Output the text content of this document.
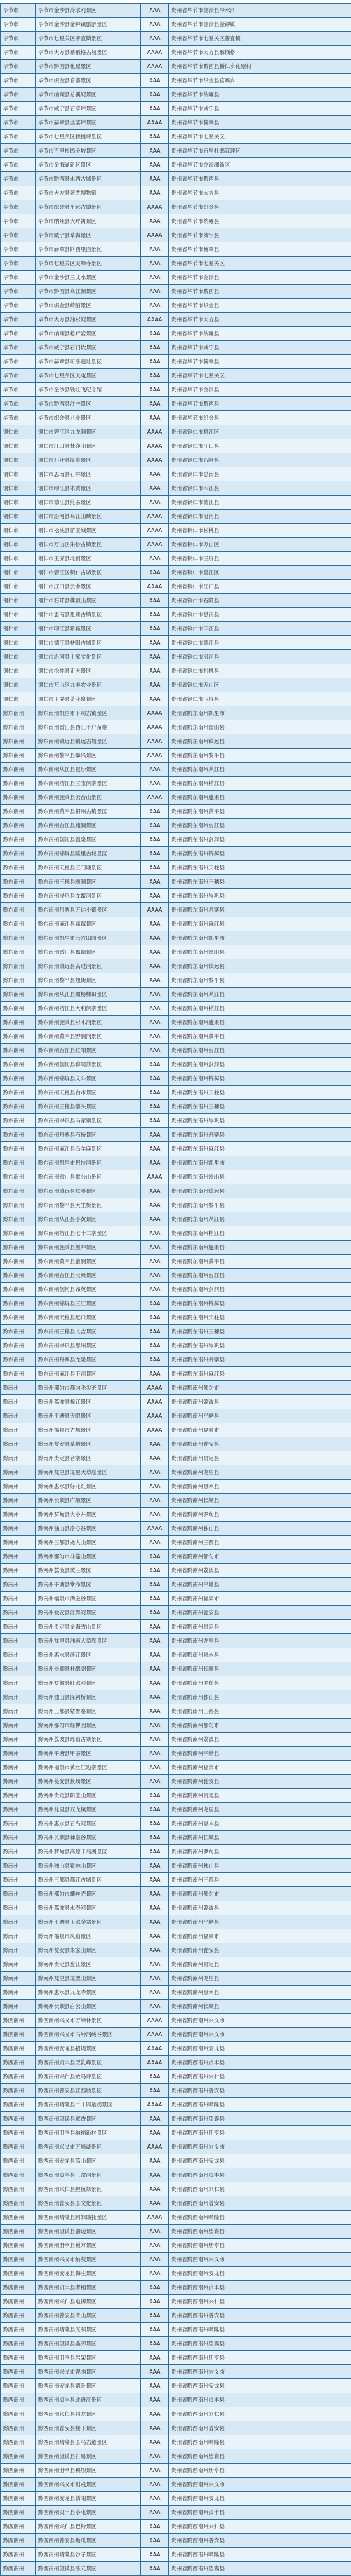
毕节市	毕节市金沙县冷水河景区	AAA	贵州省毕节市金沙县冷水河
毕节市	毕节市金沙县金钟镇旅游景区	AAA	贵州省毕节市金沙县金钟镇
毕节市	毕节市七星关区普宜镇景区	AAA	贵州省毕节市七星关区普宜镇
毕节市	毕节市大方县慕俄格古城景区	AAAA	贵州省毕节市大方县慕俄格
毕节市	毕节市黔西县化屋景区	AAAA	贵州省毕节市黔西县新仁乡化屋村
毕节市	毕节市织金县官寨景区	AAA	贵州省毕节市织金县官寨乡
毕节市	毕节市纳雍县总溪河景区	AAA	贵州省毕节市纳雍县
毕节市	毕节市威宁县百草坪景区	AAA	贵州省毕节市威宁县
毕节市	毕节市赫章县韭菜坪景区	AAAA	贵州省毕节市赫章县
毕节市	毕节市七星关区拱拢坪景区	AAA	贵州省毕节市七星关区
毕节市	毕节市百里杜鹃金坡景区	AAA	贵州省毕节市百里杜鹃管理区
毕节市	毕节市金海湖新区景区	AAA	贵州省毕节市金海湖新区
毕节市	毕节市黔西县水西古城景区	AAA	贵州省毕节市黔西县
毕节市	毕节市大方县奢香博物馆	AAA	贵州省毕节市大方县
毕节市	毕节市织金县平远古镇景区	AAAA	贵州省毕节市织金县
毕节市	毕节市纳雍县大坪箐景区	AAA	贵州省毕节市纳雍县
毕节市	毕节市威宁县草海景区	AAAA	贵州省毕节市威宁县
毕节市	毕节市赫章县阿西里西景区	AAA	贵州省毕节市赫章县
毕节市	毕节市七星关区灵峰寺景区	AAA	贵州省毕节市七星关区
毕节市	毕节市金沙县三丈水景区	AAA	贵州省毕节市金沙县
毕节市	毕节市黔西县乌江源景区	AAA	贵州省毕节市黔西县
毕节市	毕节市织金县绮陌景区	AAA	贵州省毕节市织金县
毕节市	毕节市大方县油杉河景区	AAAA	贵州省毕节市大方县
毕节市	毕节市纳雍县枪杆岩景区	AAA	贵州省毕节市纳雍县
毕节市	毕节市威宁县石门坎景区	AAA	贵州省毕节市威宁县
毕节市	毕节市赫章县可乐遗址景区	AAA	贵州省毕节市赫章县
毕节市	毕节市七星关区大屯景区	AAA	贵州省毕节市七星关区
毕节市	毕节市金沙县钱壮飞纪念馆	AAA	贵州省毕节市金沙县
毕节市	毕节市黔西县沙井景区	AAA	贵州省毕节市黔西县
毕节市	毕节市织金县八步景区	AAA	贵州省毕节市织金县
铜仁市	铜仁市碧江区九龙洞景区	AAAA	贵州省铜仁市碧江区
铜仁市	铜仁市江口县梵净山景区	AAAA	贵州省铜仁市江口县
铜仁市	铜仁市石阡县温泉景区	AAAA	贵州省铜仁市石阡县
铜仁市	铜仁市思南县石林景区	AAA	贵州省铜仁市思南县
铜仁市	铜仁市印江县木黄景区	AAA	贵州省铜仁市印江县
铜仁市	铜仁市德江县煎茶景区	AAA	贵州省铜仁市德江县
铜仁市	铜仁市沿河县乌江山峡景区	AAAA	贵州省铜仁市沿河县
铜仁市	铜仁市松桃县苗王城景区	AAAA	贵州省铜仁市松桃县
铜仁市	铜仁市万山区朱砂古镇景区	AAAA	贵州省铜仁市万山区
铜仁市	铜仁市玉屏县北侗景区	AAA	贵州省铜仁市玉屏县
铜仁市	铜仁市碧江区铜仁古城景区	AAA	贵州省铜仁市碧江区
铜仁市	铜仁市江口县云舍景区	AAAA	贵州省铜仁市江口县
铜仁市	铜仁市石阡县佛顶山景区	AAA	贵州省铜仁市石阡县
铜仁市	铜仁市思南县思唐古镇景区	AAA	贵州省铜仁市思南县
铜仁市	铜仁市印江县紫薇景区	AAA	贵州省铜仁市印江县
铜仁市	铜仁市德江县扶阳古城景区	AAA	贵州省铜仁市德江县
铜仁市	铜仁市沿河县土家文化景区	AAA	贵州省铜仁市沿河县
铜仁市	铜仁市松桃县正大景区	AAA	贵州省铜仁市松桃县
铜仁市	铜仁市万山区九丰农业景区	AAA	贵州省铜仁市万山区
铜仁市	铜仁市玉屏县茶花泉景区	AAA	贵州省铜仁市玉屏县
黔东南州	黔东南州凯里市下司古镇景区	AAAA	贵州省黔东南州凯里市
黔东南州	黔东南州雷山县西江千户苗寨	AAAA	贵州省黔东南州雷山县
黔东南州	黔东南州镇远县镇远古城景区	AAAA	贵州省黔东南州镇远县
黔东南州	黔东南州黎平县肇兴景区	AAAA	贵州省黔东南州黎平县
黔东南州	黔东南州从江县岜沙景区	AAA	贵州省黔东南州从江县
黔东南州	黔东南州榕江县三宝侗寨景区	AAA	贵州省黔东南州榕江县
黔东南州	黔东南州施秉县云台山景区	AAAA	贵州省黔东南州施秉县
黔东南州	黔东南州黄平县旧州古镇景区	AAA	贵州省黔东南州黄平县
黔东南州	黔东南州台江县施洞景区	AAA	贵州省黔东南州台江县
黔东南州	黔东南州剑河县温泉景区	AAA	贵州省黔东南州剑河县
黔东南州	黔东南州锦屏县隆里古城景区	AAA	贵州省黔东南州锦屏县
黔东南州	黔东南州天柱县三门塘景区	AAA	贵州省黔东南州天柱县
黔东南州	黔东南州三穗县颇洞景区	AAA	贵州省黔东南州三穗县
黔东南州	黔东南州岑巩县龙鳌河景区	AAA	贵州省黔东南州岑巩县
黔东南州	黔东南州丹寨县万达小镇景区	AAAA	贵州省黔东南州丹寨县
黔东南州	黔东南州麻江县蓝莓景区	AAA	贵州省黔东南州麻江县
黔东南州	黔东南州凯里市云谷田园景区	AAA	贵州省黔东南州凯里市
黔东南州	黔东南州雷山县郎德景区	AAA	贵州省黔东南州雷山县
黔东南州	黔东南州镇远县高过河景区	AAA	贵州省黔东南州镇远县
黔东南州	黔东南州黎平县翘街景区	AAA	贵州省黔东南州黎平县
黔东南州	黔东南州从江县加榜梯田景区	AAA	贵州省黔东南州从江县
黔东南州	黔东南州榕江县大利侗寨景区	AAA	贵州省黔东南州榕江县
黔东南州	黔东南州施秉县杉木河景区	AAA	贵州省黔东南州施秉县
黔东南州	黔东南州黄平县野洞河景区	AAA	贵州省黔东南州黄平县
黔东南州	黔东南州台江县红阳景区	AAA	贵州省黔东南州台江县
黔东南州	黔东南州剑河县仰阿莎景区	AAA	贵州省黔东南州剑河县
黔东南州	黔东南州锦屏县文斗景区	AAA	贵州省黔东南州锦屏县
黔东南州	黔东南州天柱县白市景区	AAA	贵州省黔东南州天柱县
黔东南州	黔东南州三穗县寨头景区	AAA	贵州省黔东南州三穗县
黔东南州	黔东南州岑巩县马家寨景区	AAA	贵州省黔东南州岑巩县
黔东南州	黔东南州丹寨县石桥景区	AAA	贵州省黔东南州丹寨县
黔东南州	黔东南州麻江县乌羊麻景区	AAA	贵州省黔东南州麻江县
黔东南州	黔东南州凯里市巴拉河景区	AAA	贵州省黔东南州凯里市
黔东南州	黔东南州雷山县雷公山景区	AAAA	贵州省黔东南州雷山县
黔东南州	黔东南州镇远县铁溪景区	AAA	贵州省黔东南州镇远县
黔东南州	黔东南州黎平县天生桥景区	AAA	贵州省黔东南州黎平县
黔东南州	黔东南州从江县小黄景区	AAA	贵州省黔东南州从江县
黔东南州	黔东南州榕江县七十二寨景区	AAA	贵州省黔东南州榕江县
黔东南州	黔东南州施秉县黑冲景区	AAA	贵州省黔东南州施秉县
黔东南州	黔东南州黄平县浪洞景区	AAA	贵州省黔东南州黄平县
黔东南州	黔东南州台江县长滩景区	AAA	贵州省黔东南州台江县
黔东南州	黔东南州剑河县昂英景区	AAA	贵州省黔东南州剑河县
黔东南州	黔东南州锦屏县三江景区	AAA	贵州省黔东南州锦屏县
黔东南州	黔东南州天柱县远口景区	AAA	贵州省黔东南州天柱县
黔东南州	黔东南州三穗县长吉景区	AAA	贵州省黔东南州三穗县
黔东南州	黔东南州岑巩县思州景区	AAA	贵州省黔东南州岑巩县
黔东南州	黔东南州丹寨县龙泉景区	AAA	贵州省黔东南州丹寨县
黔东南州	黔东南州麻江县下司景区	AAA	贵州省黔东南州麻江县
黔南州	黔南州都匀市都匀毛尖茶景区	AAAA	贵州省黔南州都匀市
黔南州	黔南州荔波县樟江景区	AAAA	贵州省黔南州荔波县
黔南州	黔南州平塘县天眼景区	AAAA	贵州省黔南州平塘县
黔南州	黔南州福泉市古城景区	AAAA	贵州省黔南州福泉市
黔南州	黔南州瓮安县草塘景区	AAA	贵州省黔南州瓮安县
黔南州	黔南州贵定县音寨景区	AAA	贵州省黔南州贵定县
黔南州	黔南州龙里县龙里大草原景区	AAA	贵州省黔南州龙里县
黔南州	黔南州惠水县好花红景区	AAA	贵州省黔南州惠水县
黔南州	黔南州长顺县广顺景区	AAA	贵州省黔南州长顺县
黔南州	黔南州罗甸县大小井景区	AAA	贵州省黔南州罗甸县
黔南州	黔南州独山县净心谷景区	AAAA	贵州省黔南州独山县
黔南州	黔南州三都县尧人山景区	AAA	贵州省黔南州三都县
黔南州	黔南州都匀市斗篷山景区	AAA	贵州省黔南州都匀市
黔南州	黔南州荔波县茂兰景区	AAA	贵州省黔南州荔波县
黔南州	黔南州平塘县掌布景区	AAA	贵州省黔南州平塘县
黔南州	黔南州福泉市洒金谷景区	AAA	贵州省黔南州福泉市
黔南州	黔南州瓮安县江界河景区	AAA	贵州省黔南州瓮安县
黔南州	黔南州贵定县金海雪山景区	AAA	贵州省黔南州贵定县
黔南州	黔南州龙里县油画大草原景区	AAA	贵州省黔南州龙里县
黔南州	黔南州惠水县涟江景区	AAA	贵州省黔南州惠水县
黔南州	黔南州长顺县杜鹃湖景区	AAA	贵州省黔南州长顺县
黔南州	黔南州罗甸县红水河景区	AAA	贵州省黔南州罗甸县
黔南州	黔南州独山县深河桥景区	AAA	贵州省黔南州独山县
黔南州	黔南州三都县姑鲁寨景区	AAA	贵州省黔南州三都县
黔南州	黔南州都匀市绿博园景区	AAA	贵州省黔南州都匀市
黔南州	黔南州荔波县瑶山古寨景区	AAA	贵州省黔南州荔波县
黔南州	黔南州平塘县甲茶景区	AAA	贵州省黔南州平塘县
黔南州	黔南州福泉市黄丝江边寨景区	AAA	贵州省黔南州福泉市
黔南州	黔南州瓮安县猴场景区	AAA	贵州省黔南州瓮安县
黔南州	黔南州贵定县阳宝山景区	AAA	贵州省黔南州贵定县
黔南州	黔南州龙里县双龙镇景区	AAA	贵州省黔南州龙里县
黔南州	黔南州惠水县百鸟河景区	AAA	贵州省黔南州惠水县
黔南州	黔南州长顺县神泉谷景区	AAA	贵州省黔南州长顺县
黔南州	黔南州罗甸县高原千岛湖景区	AAA	贵州省黔南州罗甸县
黔南州	黔南州独山县紫林山景区	AAA	贵州省黔南州独山县
黔南州	黔南州三都县都江古城景区	AAA	贵州省黔南州三都县
黔南州	黔南州都匀市螺丝壳景区	AAA	贵州省黔南州都匀市
黔南州	黔南州荔波县水春河景区	AAA	贵州省黔南州荔波县
黔南州	黔南州平塘县玉水金盆景区	AAA	贵州省黔南州平塘县
黔南州	黔南州福泉市凤山景区	AAA	贵州省黔南州福泉市
黔南州	黔南州瓮安县朱家山景区	AAA	贵州省黔南州瓮安县
黔南州	黔南州贵定县盘江景区	AAA	贵州省黔南州贵定县
黔南州	黔南州龙里县龙架山景区	AAA	贵州省黔南州龙里县
黔南州	黔南州惠水县九龙寺景区	AAA	贵州省黔南州惠水县
黔南州	黔南州长顺县白云山景区	AAA	贵州省黔南州长顺县
黔西南州	黔西南州兴义市万峰林景区	AAAA	贵州省黔西南州兴义市
黔西南州	黔西南州兴义市马岭河峡谷景区	AAAA	贵州省黔西南州兴义市
黔西南州	黔西南州安龙县招堤景区	AAAA	贵州省黔西南州安龙县
黔西南州	黔西南州贞丰县双乳峰景区	AAAA	贵州省黔西南州贞丰县
黔西南州	黔西南州兴仁县放马坪景区	AAA	贵州省黔西南州兴仁县
黔西南州	黔西南州普安县江西坡景区	AAA	贵州省黔西南州普安县
黔西南州	黔西南州晴隆县二十四道拐景区	AAAA	贵州省黔西南州晴隆县
黔西南州	黔西南州望谟县蔗香景区	AAA	贵州省黔西南州望谟县
黔西南州	黔西南州册亨县纳福新村景区	AAA	贵州省黔西南州册亨县
黔西南州	黔西南州兴义市万峰湖景区	AAAA	贵州省黔西南州兴义市
黔西南州	黔西南州安龙县笃山景区	AAA	贵州省黔西南州安龙县
黔西南州	黔西南州贞丰县三岔河景区	AAA	贵州省黔西南州贞丰县
黔西南州	黔西南州兴仁县鲤鱼坝景区	AAA	贵州省黔西南州兴仁县
黔西南州	黔西南州普安县茶文化景区	AAA	贵州省黔西南州普安县
黔西南州	黔西南州晴隆县阿妹戚托景区	AAAA	贵州省黔西南州晴隆县
黔西南州	黔西南州望谟县油迈景区	AAA	贵州省黔西南州望谟县
黔西南州	黔西南州册亨县板万景区	AAA	贵州省黔西南州册亨县
黔西南州	黔西南州兴义市纳灰景区	AAA	贵州省黔西南州兴义市
黔西南州	黔西南州安龙县海庄景区	AAA	贵州省黔西南州安龙县
黔西南州	黔西南州贞丰县者相景区	AAA	贵州省黔西南州贞丰县
黔西南州	黔西南州兴仁县屯脚景区	AAA	贵州省黔西南州兴仁县
黔西南州	黔西南州普安县青山景区	AAA	贵州省黔西南州普安县
黔西南州	黔西南州晴隆县光照景区	AAA	贵州省黔西南州晴隆县
黔西南州	黔西南州望谟县桑郎景区	AAA	贵州省黔西南州望谟县
黔西南州	黔西南州册亨县岩架景区	AAA	贵州省黔西南州册亨县
黔西南州	黔西南州兴义市泥凼景区	AAA	贵州省黔西南州兴义市
黔西南州	黔西南州安龙县德卧景区	AAA	贵州省黔西南州安龙县
黔西南州	黔西南州贞丰县北盘江景区	AAA	贵州省黔西南州贞丰县
黔西南州	黔西南州兴仁县回龙景区	AAA	贵州省黔西南州兴仁县
黔西南州	黔西南州普安县楼下景区	AAA	贵州省黔西南州普安县
黔西南州	黔西南州晴隆县茶马古道景区	AAA	贵州省黔西南州晴隆县
黔西南州	黔西南州望谟县打易景区	AAA	贵州省黔西南州望谟县
黔西南州	黔西南州册亨县秧坝景区	AAA	贵州省黔西南州册亨县
黔西南州	黔西南州兴义市则戎景区	AAA	贵州省黔西南州兴义市
黔西南州	黔西南州安龙县洒雨景区	AAA	贵州省黔西南州安龙县
黔西南州	黔西南州贞丰县小屯景区	AAA	贵州省黔西南州贞丰县
黔西南州	黔西南州兴仁县巴铃景区	AAA	贵州省黔西南州兴仁县
黔西南州	黔西南州普安县地瓜景区	AAA	贵州省黔西南州普安县
黔西南州	黔西南州晴隆县沙子景区	AAA	贵州省黔西南州晴隆县
黔西南州	黔西南州望谟县乐元景区	AAA	贵州省黔西南州望谟县
